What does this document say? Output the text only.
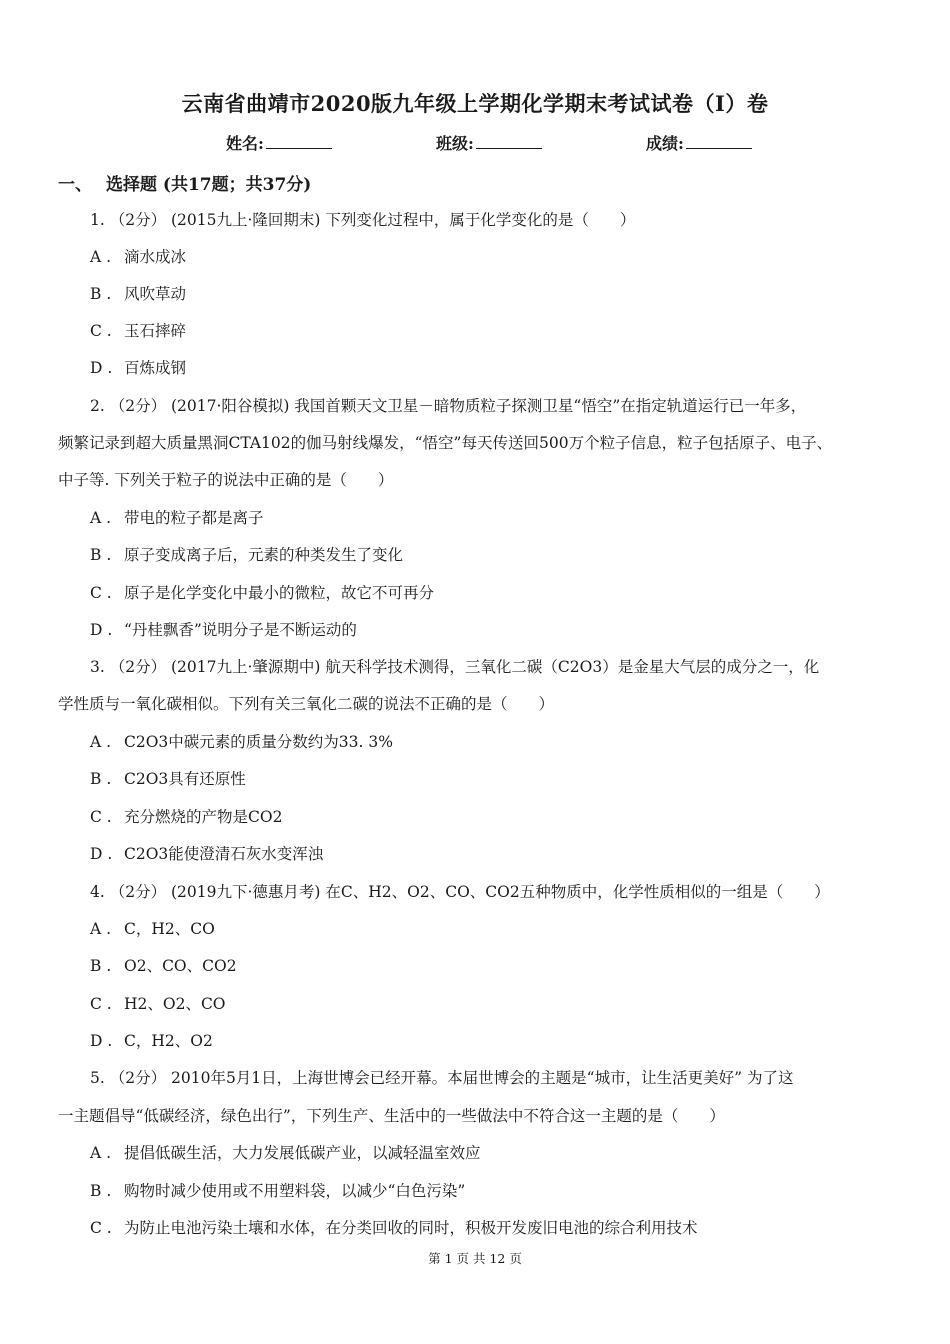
云南省曲靖市2020版九年级上学期化学期末考试试卷（I）卷
姓名:	班级:	成绩:
一、 选择题 (共17题；共37分)
1. （2分） (2015九上·隆回期末) 下列变化过程中，属于化学变化的是（　　）
A . 滴水成冰
B . 风吹草动
C . 玉石摔碎
D . 百炼成钢
2. （2分） (2017·阳谷模拟) 我国首颗天文卫星－暗物质粒子探测卫星“悟空”在指定轨道运行已一年多，
频繁记录到超大质量黑洞CTA102的伽马射线爆发，“悟空”每天传送回500万个粒子信息，粒子包括原子、电子、
中子等. 下列关于粒子的说法中正确的是（　　）
A . 带电的粒子都是离子
B . 原子变成离子后，元素的种类发生了变化
C . 原子是化学变化中最小的微粒，故它不可再分
D . “丹桂飘香”说明分子是不断运动的
3. （2分） (2017九上·肇源期中) 航天科学技术测得，三氧化二碳（C2O3）是金星大气层的成分之一，化
学性质与一氧化碳相似。下列有关三氧化二碳的说法不正确的是（　　）
A . C2O3中碳元素的质量分数约为33. 3%
B . C2O3具有还原性
C . 充分燃烧的产物是CO2
D . C2O3能使澄清石灰水变浑浊
4. （2分） (2019九下·德惠月考) 在C、H2、O2、CO、CO2五种物质中，化学性质相似的一组是（　　）
A . C，H2、CO
B . O2、CO、CO2
C . H2、O2、CO
D . C，H2、O2
5. （2分） 2010年5月1日，上海世博会已经开幕。本届世博会的主题是“城市，让生活更美好” 为了这
一主题倡导“低碳经济，绿色出行”，下列生产、生活中的一些做法中不符合这一主题的是（　　）
A . 提倡低碳生活，大力发展低碳产业，以减轻温室效应
B . 购物时减少使用或不用塑料袋，以减少“白色污染”
C . 为防止电池污染土壤和水体，在分类回收的同时，积极开发废旧电池的综合利用技术
第 1 页 共 12 页
